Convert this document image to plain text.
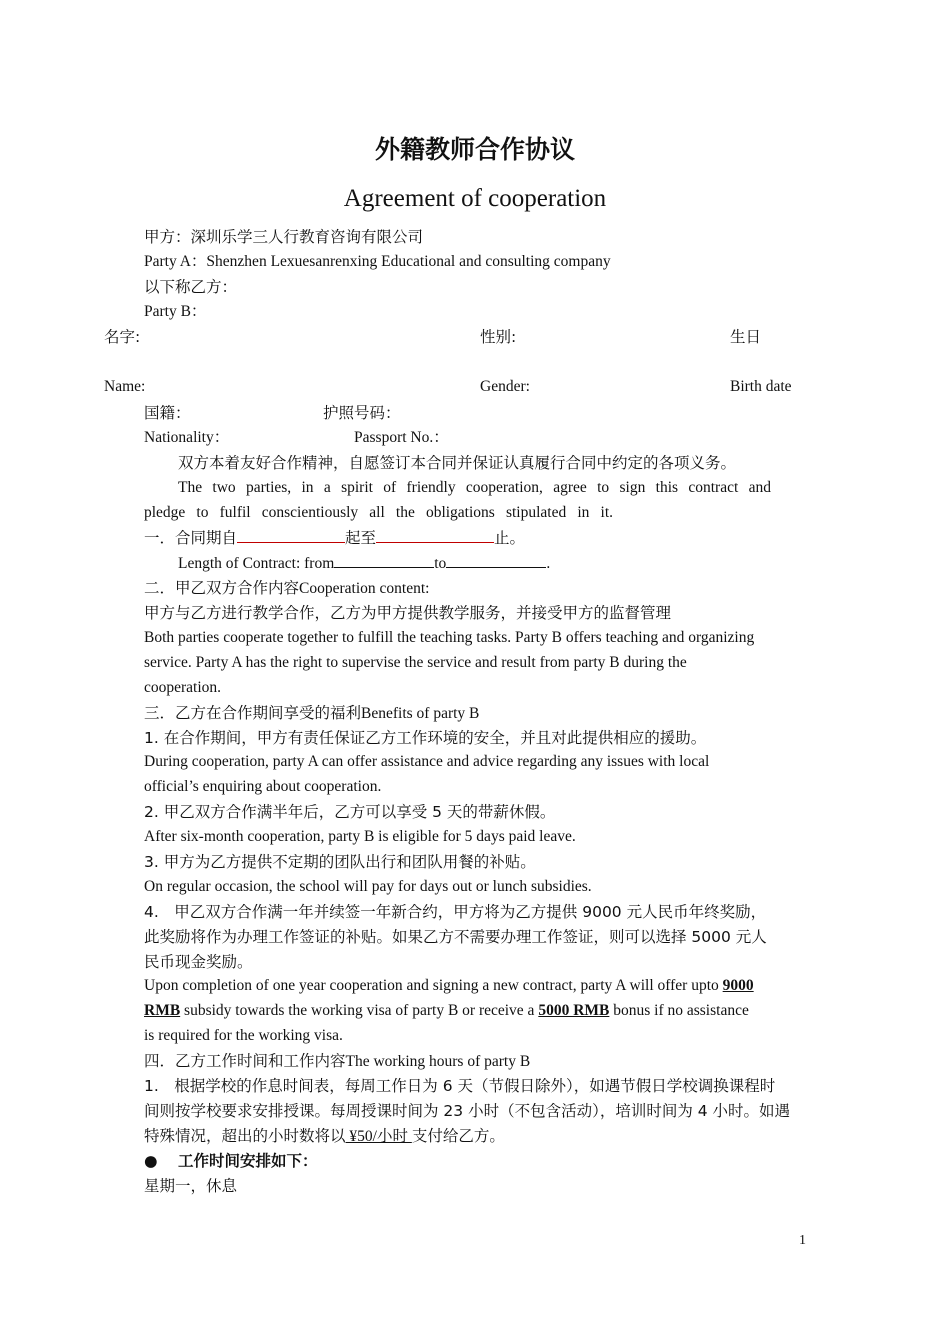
外籍教师合作协议
Agreement of cooperation
甲方：深圳乐学三人行教育咨询有限公司
Party A：Shenzhen Lexuesanrenxing Educational and consulting company
以下称乙方：
Party B：
名字:	性别:	生日
Name:	Gender:	Birth date
国籍：	护照号码：
Nationality：	Passport No.：
双方本着友好合作精神，自愿签订本合同并保证认真履行合同中约定的各项义务。
The two parties, in a spirit of friendly cooperation, agree to sign this contract and
pledge to fulfil conscientiously all the obligations stipulated in it.
一．合同期自	起至	止。
Length of Contract: from	to	.
二．甲乙双方合作内容Cooperation content:
甲方与乙方进行教学合作，乙方为甲方提供教学服务，并接受甲方的监督管理
Both parties cooperate together to fulfill the teaching tasks. Party B offers teaching and organizing
service. Party A has the right to supervise the service and result from party B during the
cooperation.
三．乙方在合作期间享受的福利Benefits of party B
1. 在合作期间，甲方有责任保证乙方工作环境的安全，并且对此提供相应的援助。
During cooperation, party A can offer assistance and advice regarding any issues with local
official’s enquiring about cooperation.
2. 甲乙双方合作满半年后，乙方可以享受 5 天的带薪休假。
After six-month cooperation, party B is eligible for 5 days paid leave.
3. 甲方为乙方提供不定期的团队出行和团队用餐的补贴。
On regular occasion, the school will pay for days out or lunch subsidies.
4.　甲乙双方合作满一年并续签一年新合约，甲方将为乙方提供 9000 元人民币年终奖励，
此奖励将作为办理工作签证的补贴。如果乙方不需要办理工作签证，则可以选择 5000 元人
民币现金奖励。
Upon completion of one year cooperation and signing a new contract, party A will offer upto 9000
RMB subsidy towards the working visa of party B or receive a 5000 RMB bonus if no assistance
is required for the working visa.
四．乙方工作时间和工作内容The working hours of party B
1.　根据学校的作息时间表，每周工作日为 6 天（节假日除外），如遇节假日学校调换课程时
间则按学校要求安排授课。每周授课时间为 23 小时（不包含活动），培训时间为 4 小时。如遇
特殊情况，超出的小时数将以 ¥50/小时 支付给乙方。
● 工作时间安排如下：
星期一，休息
1
